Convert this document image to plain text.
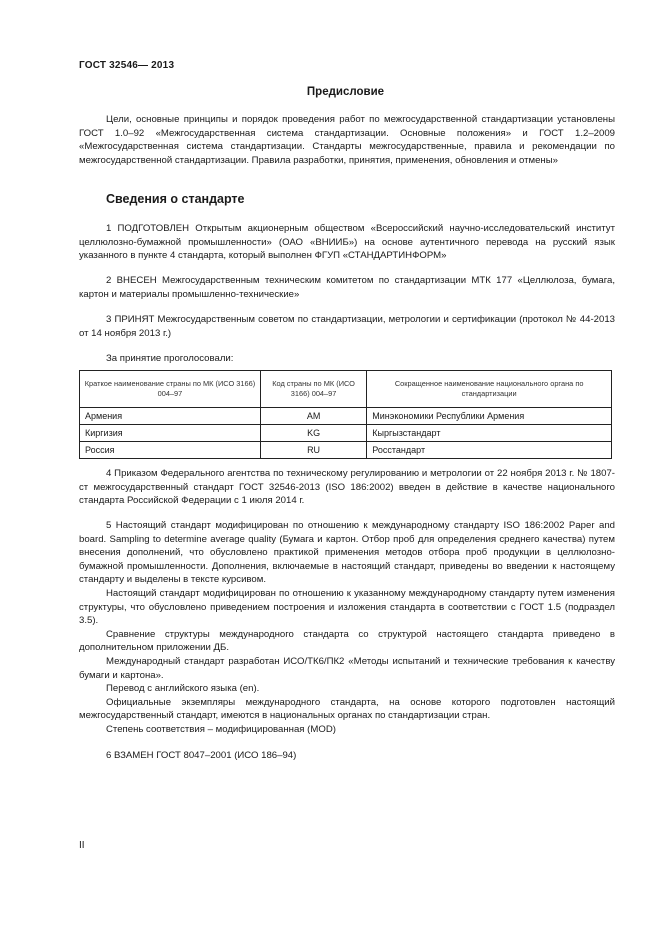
ГОСТ 32546— 2013
Предисловие
Цели, основные принципы и порядок проведения работ по межгосударственной стандартизации установлены ГОСТ 1.0–92 «Межгосударственная система стандартизации. Основные положения» и ГОСТ 1.2–2009 «Межгосударственная система стандартизации. Стандарты межгосударственные, правила и рекомендации по межгосударственной стандартизации. Правила разработки, принятия, применения, обновления и отмены»
Сведения о стандарте
1 ПОДГОТОВЛЕН Открытым акционерным обществом «Всероссийский научно-исследовательский институт целлюлозно-бумажной промышленности» (ОАО «ВНИИБ») на основе аутентичного перевода на русский язык указанного в пункте 4 стандарта, который выполнен ФГУП «СТАНДАРТИНФОРМ»
2 ВНЕСЕН Межгосударственным техническим комитетом по стандартизации МТК 177 «Целлюлоза, бумага, картон и материалы промышленно-технические»
3 ПРИНЯТ Межгосударственным советом по стандартизации, метрологии и сертификации (протокол № 44-2013 от 14 ноября 2013 г.)
За принятие проголосовали:
Краткое наименование страны по МК (ИСО 3166) 004–97	Код страны по МК (ИСО 3166) 004–97	Сокращенное наименование национального органа по стандартизации
Армения	AM	Минэкономики Республики Армения
Киргизия	KG	Кыргызстандарт
Россия	RU	Росстандарт
4 Приказом Федерального агентства по техническому регулированию и метрологии от 22 ноября 2013 г. № 1807-ст межгосударственный стандарт ГОСТ 32546-2013 (ISO 186:2002) введен в действие в качестве национального стандарта Российской Федерации с 1 июля 2014 г.
5 Настоящий стандарт модифицирован по отношению к международному стандарту ISO 186:2002 Paper and board. Sampling to determine average quality (Бумага и картон. Отбор проб для определения среднего качества) путем внесения дополнений, что обусловлено практикой применения методов отбора проб продукции в целлюлозно-бумажной промышленности. Дополнения, включаемые в настоящий стандарт, приведены во введении к настоящему стандарту и выделены в тексте курсивом.
Настоящий стандарт модифицирован по отношению к указанному международному стандарту путем изменения структуры, что обусловлено приведением построения и изложения стандарта в соответствии с ГОСТ 1.5 (подраздел 3.5).
Сравнение структуры международного стандарта со структурой настоящего стандарта приведено в дополнительном приложении ДБ.
Международный стандарт разработан ИСО/ТК6/ПК2 «Методы испытаний и технические требования к качеству бумаги и картона».
Перевод с английского языка (en).
Официальные экземпляры международного стандарта, на основе которого подготовлен настоящий межгосударственный стандарт, имеются в национальных органах по стандартизации стран.
Степень соответствия – модифицированная (MOD)
6 ВЗАМЕН ГОСТ 8047–2001 (ИСО 186–94)
II
